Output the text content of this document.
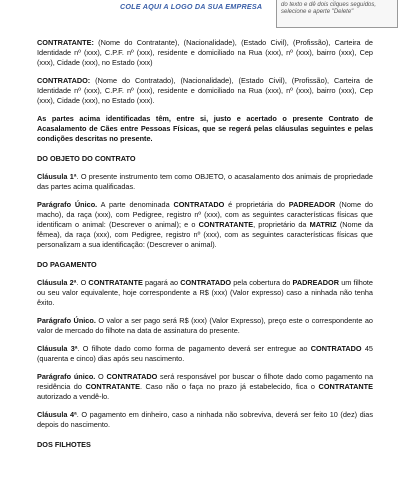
COLE AQUI A LOGO DA SUA EMPRESA	do texto e dê dois cliques seguidos, selecione e aperte "Delete"

CONTRATANTE: (Nome do Contratante), (Nacionalidade), (Estado Civil), (Profissão), Carteira de Identidade nº (xxx), C.P.F. nº (xxx), residente e domiciliado na Rua (xxx), nº (xxx), bairro (xxx), Cep (xxx), Cidade (xxx), no Estado (xxx)

CONTRATADO: (Nome do Contratado), (Nacionalidade), (Estado Civil), (Profissão), Carteira de Identidade nº (xxx), C.P.F. nº (xxx), residente e domiciliado na Rua (xxx), nº (xxx), bairro (xxx), Cep (xxx), Cidade (xxx), no Estado (xxx).

As partes acima identificadas têm, entre si, justo e acertado o presente Contrato de Acasalamento de Cães entre Pessoas Físicas, que se regerá pelas cláusulas seguintes e pelas condições descritas no presente.

DO OBJETO DO CONTRATO

Cláusula 1ª. O presente instrumento tem como OBJETO, o acasalamento dos animais de propriedade das partes acima qualificadas.

Parágrafo Único. A parte denominada CONTRATADO é proprietária do PADREADOR (Nome do macho), da raça (xxx), com Pedigree, registro nº (xxx), com as seguintes características físicas que identificam o animal: (Descrever o animal); e o CONTRATANTE, proprietário da MATRIZ (Nome da fêmea), da raça (xxx), com Pedigree, registro nº (xxx), com as seguintes características físicas que personalizam a sua identificação: (Descrever o animal).

DO PAGAMENTO

Cláusula 2ª. O CONTRATANTE pagará ao CONTRATADO pela cobertura do PADREADOR um filhote ou seu valor equivalente, hoje correspondente a R$ (xxx) (Valor expresso) caso a ninhada não tenha êxito.

Parágrafo Único. O valor a ser pago será R$ (xxx) (Valor Expresso), preço este o correspondente ao valor de mercado do filhote na data de assinatura do presente.

Cláusula 3ª. O filhote dado como forma de pagamento deverá ser entregue ao CONTRATADO 45 (quarenta e cinco) dias após seu nascimento.

Parágrafo único. O CONTRATADO será responsável por buscar o filhote dado como pagamento na residência do CONTRATANTE. Caso não o faça no prazo já estabelecido, fica o CONTRATANTE autorizado a vendê-lo.

Cláusula 4ª. O pagamento em dinheiro, caso a ninhada não sobreviva, deverá ser feito 10 (dez) dias depois do nascimento.

DOS FILHOTES
